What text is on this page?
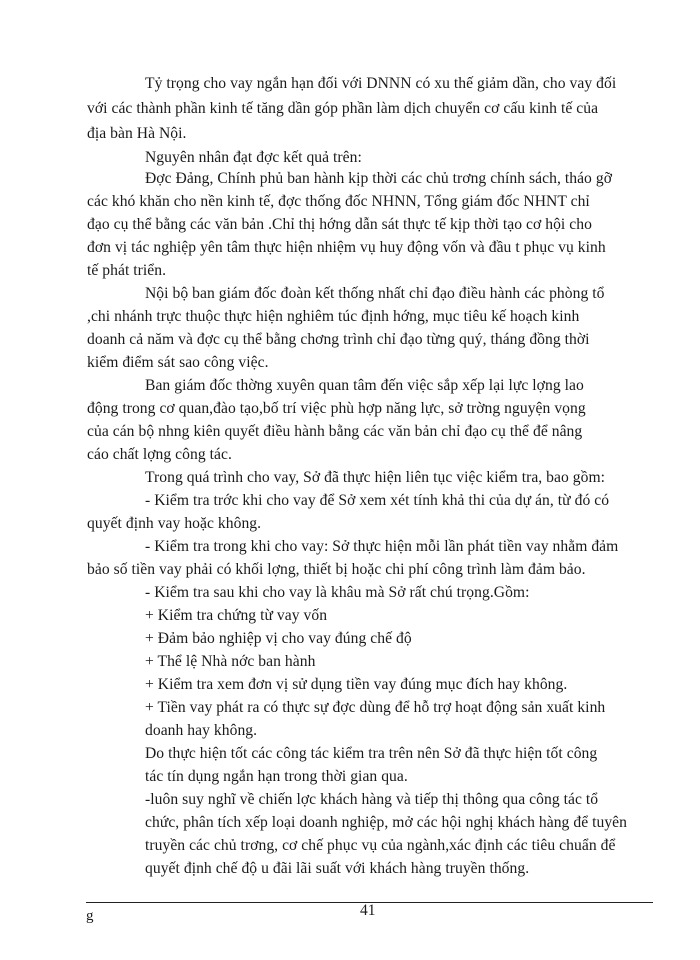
Tỷ trọng cho vay ngắn hạn đối với DNNN có xu thế giảm dần, cho vay đối
với các thành phần kinh tế tăng dần góp phần làm dịch chuyển cơ cấu kinh tế của
địa bàn Hà Nội.
Nguyên nhân đạt đợc kết quả trên:
Đợc Đảng, Chính phủ ban hành kịp thời các chủ trơng chính sách, tháo gỡ
các khó khăn cho nền kinh tế, đợc thống đốc NHNN, Tổng giám đốc NHNT chỉ
đạo cụ thể bằng các văn bản .Chỉ thị hớng dẫn sát thực tế kịp thời tạo cơ hội cho
đơn vị tác nghiệp yên tâm thực hiện nhiệm vụ huy động vốn và đầu t phục vụ kinh
tế phát triển.
Nội bộ ban giám đốc đoàn kết thống nhất chỉ đạo điều hành các phòng tổ
,chi nhánh trực thuộc thực hiện nghiêm túc định hớng, mục tiêu kế hoạch kinh
doanh cả năm và đợc cụ thể bằng chơng trình chỉ đạo từng quý, tháng đồng thời
kiểm điểm sát sao công việc.
Ban giám đốc thờng xuyên quan tâm đến việc sắp xếp lại lực lợng lao
động trong cơ quan,đào tạo,bố trí việc phù hợp năng lực, sở trờng nguyện vọng
của cán bộ nhng kiên quyết điều hành bằng các văn bản chỉ đạo cụ thể để nâng
cáo chất lợng công tác.
Trong quá trình cho vay, Sở đã thực hiện liên tục việc kiểm tra, bao gồm:
- Kiểm tra trớc khi cho vay để Sở xem xét tính khả thi của dự án, từ đó có
quyết định vay hoặc không.
- Kiểm tra trong khi cho vay: Sở thực hiện mỗi lần phát tiền vay nhằm đảm
bảo số tiền vay phải có khối lợng, thiết bị hoặc chi phí công trình làm đảm bảo.
- Kiểm tra sau khi cho vay là khâu mà Sở rất chú trọng.Gồm:
+ Kiểm tra chứng từ vay vốn
+ Đảm bảo nghiệp vị cho vay đúng chế độ
+ Thể lệ Nhà nớc ban hành
+ Kiểm tra xem đơn vị sử dụng tiền vay đúng mục đích hay không.
+ Tiền vay phát ra có thực sự đợc dùng để hỗ trợ hoạt động sản xuất kinh
doanh hay không.
Do thực hiện tốt các công tác kiểm tra trên nên Sở đã thực hiện tốt công
tác tín dụng ngắn hạn trong thời gian qua.
-luôn suy nghĩ về chiến lợc khách hàng và tiếp thị thông qua công tác tổ
chức, phân tích xếp loại doanh nghiệp, mở các hội nghị khách hàng để tuyên
truyền các chủ trơng, cơ chế phục vụ của ngành,xác định các tiêu chuẩn để
quyết định chế độ u đãi lãi suất với khách hàng truyền thống.
g	41
